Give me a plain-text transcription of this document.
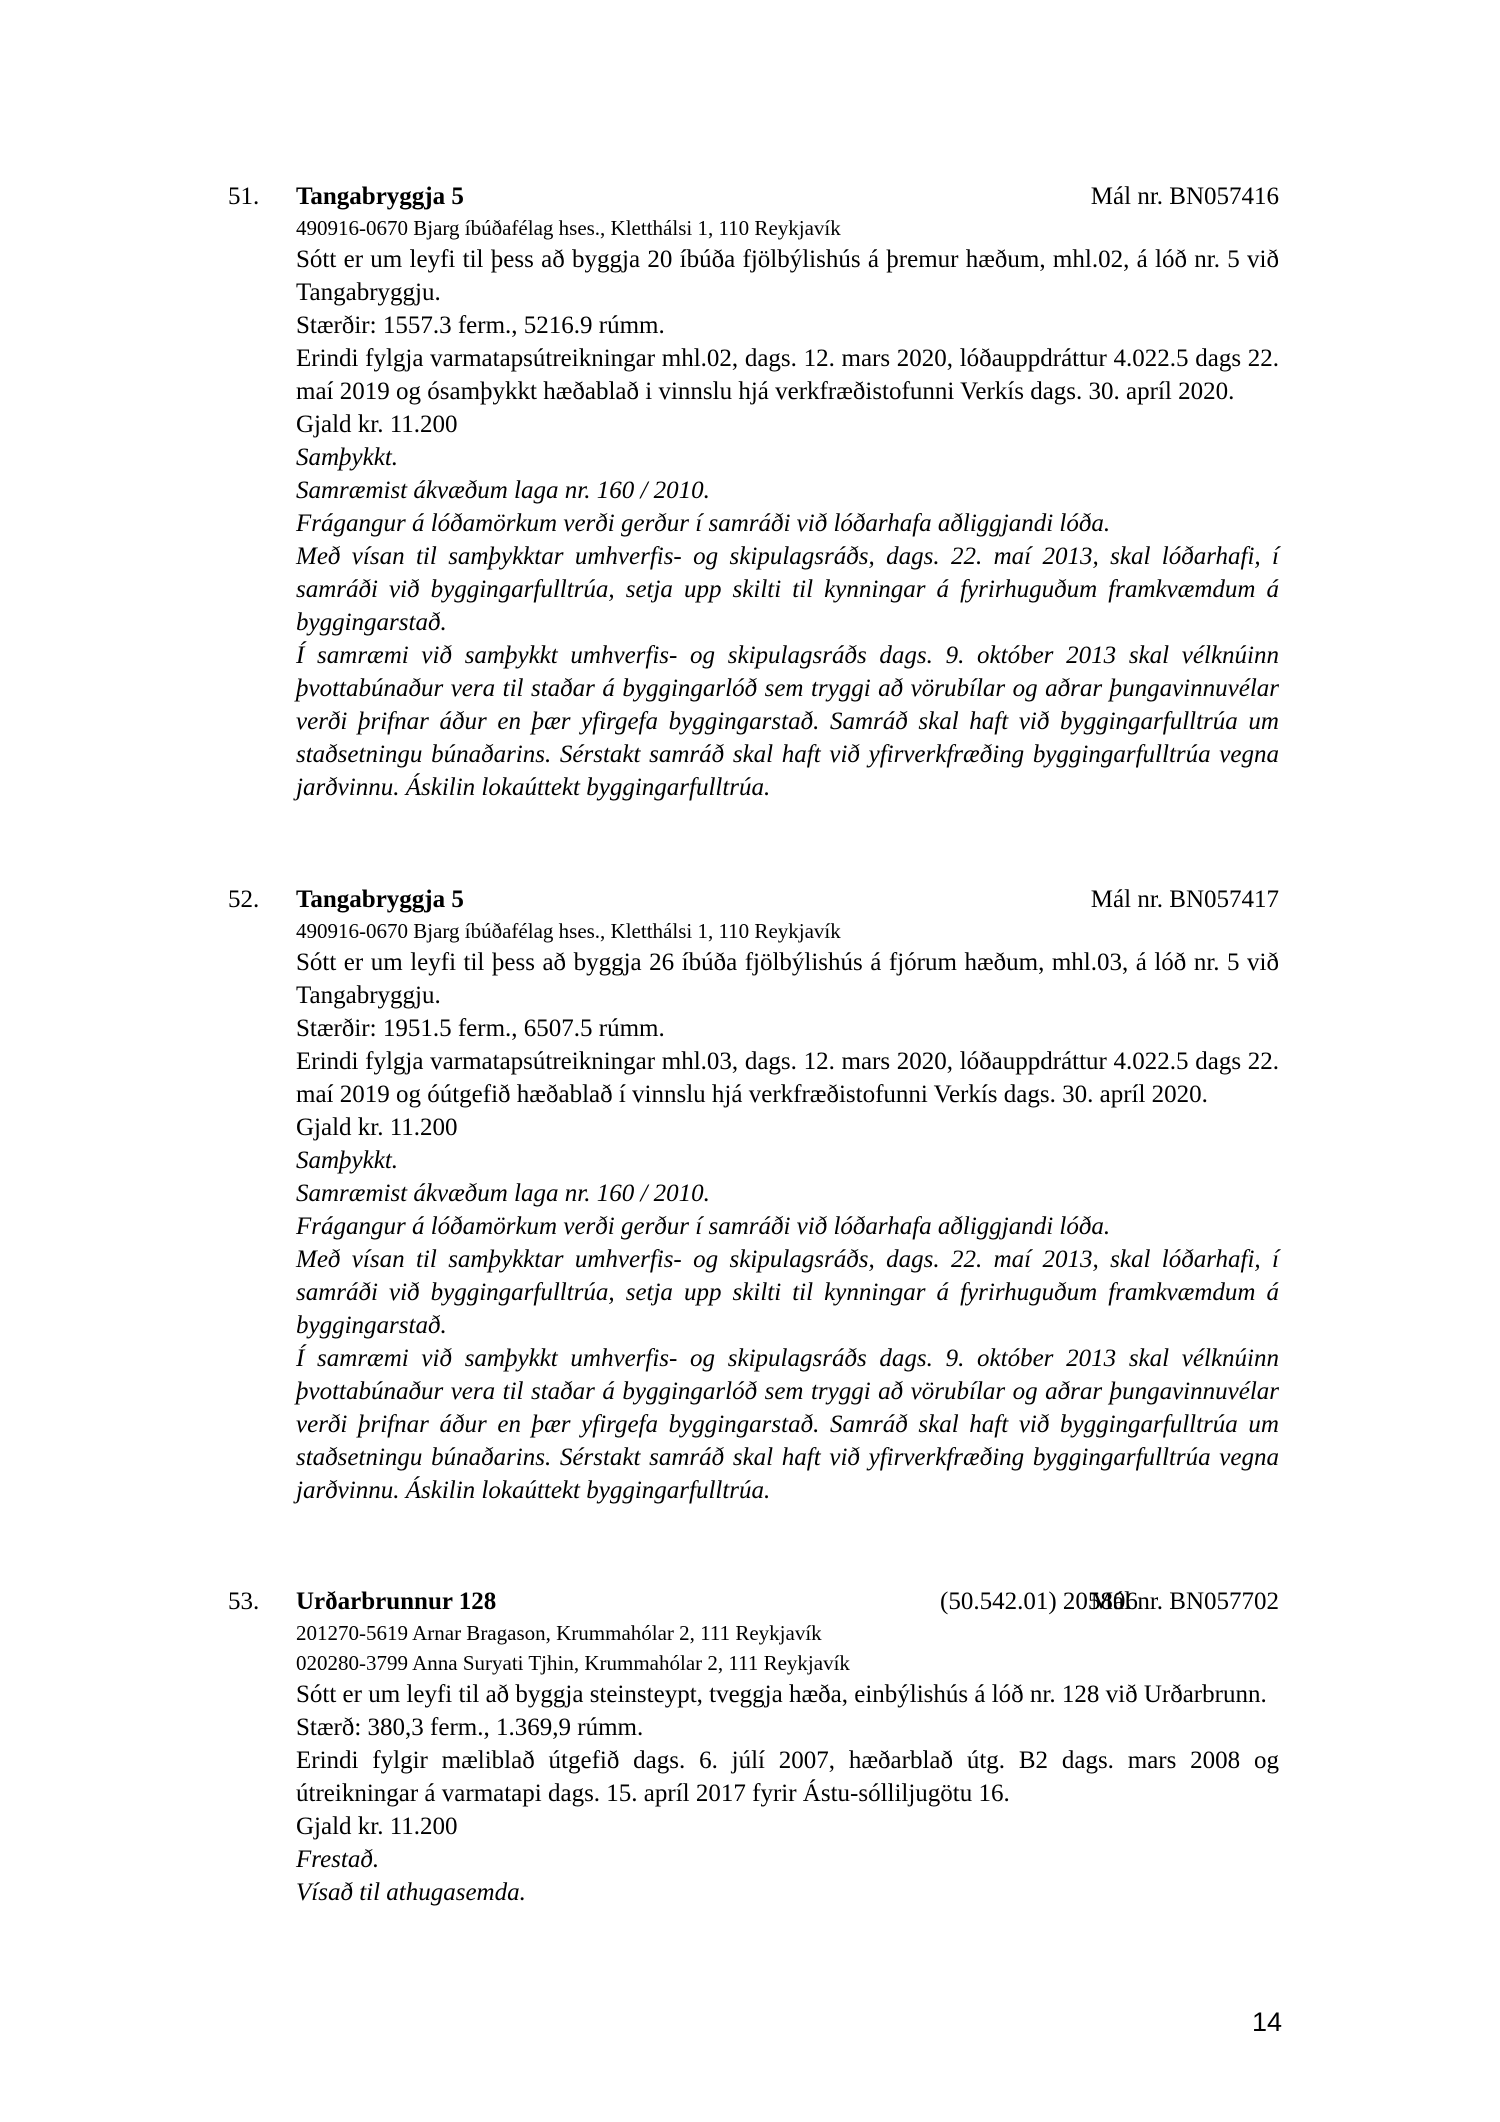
51. Tangabryggja 5	Mál nr. BN057416

490916-0670 Bjarg íbúðafélag hses., Kletthálsi 1, 110 Reykjavík

Sótt er um leyfi til þess að byggja 20 íbúða fjölbýlishús á þremur hæðum, mhl.02, á lóð nr. 5 við Tangabryggju.

Stærðir: 1557.3 ferm., 5216.9 rúmm.

Erindi fylgja varmatapsútreikningar mhl.02, dags. 12. mars 2020, lóðauppdráttur 4.022.5 dags 22. maí 2019 og ósamþykkt hæðablað i vinnslu hjá verkfræðistofunni Verkís dags. 30. apríl 2020.

Gjald kr. 11.200

Samþykkt.

Samræmist ákvæðum laga nr. 160 / 2010.

Frágangur á lóðamörkum verði gerður í samráði við lóðarhafa aðliggjandi lóða.

Með vísan til samþykktar umhverfis- og skipulagsráðs, dags. 22. maí 2013, skal lóðarhafi, í samráði við byggingarfulltrúa, setja upp skilti til kynningar á fyrirhuguðum framkvæmdum á byggingarstað.

Í samræmi við samþykkt umhverfis- og skipulagsráðs dags. 9. október 2013 skal vélknúinn þvottabúnaður vera til staðar á byggingarlóð sem tryggi að vörubílar og aðrar þungavinnuvélar verði þrifnar áður en þær yfirgefa byggingarstað. Samráð skal haft við byggingarfulltrúa um staðsetningu búnaðarins. Sérstakt samráð skal haft við yfirverkfræðing byggingarfulltrúa vegna jarðvinnu. Áskilin lokaúttekt byggingarfulltrúa.

52. Tangabryggja 5	Mál nr. BN057417

490916-0670 Bjarg íbúðafélag hses., Kletthálsi 1, 110 Reykjavík

Sótt er um leyfi til þess að byggja 26 íbúða fjölbýlishús á fjórum hæðum, mhl.03, á lóð nr. 5 við Tangabryggju.

Stærðir: 1951.5 ferm., 6507.5 rúmm.

Erindi fylgja varmatapsútreikningar mhl.03, dags. 12. mars 2020, lóðauppdráttur 4.022.5 dags 22. maí 2019 og óútgefið hæðablað í vinnslu hjá verkfræðistofunni Verkís dags. 30. apríl 2020.

Gjald kr. 11.200

Samþykkt.

Samræmist ákvæðum laga nr. 160 / 2010.

Frágangur á lóðamörkum verði gerður í samráði við lóðarhafa aðliggjandi lóða.

Með vísan til samþykktar umhverfis- og skipulagsráðs, dags. 22. maí 2013, skal lóðarhafi, í samráði við byggingarfulltrúa, setja upp skilti til kynningar á fyrirhuguðum framkvæmdum á byggingarstað.

Í samræmi við samþykkt umhverfis- og skipulagsráðs dags. 9. október 2013 skal vélknúinn þvottabúnaður vera til staðar á byggingarlóð sem tryggi að vörubílar og aðrar þungavinnuvélar verði þrifnar áður en þær yfirgefa byggingarstað. Samráð skal haft við byggingarfulltrúa um staðsetningu búnaðarins. Sérstakt samráð skal haft við yfirverkfræðing byggingarfulltrúa vegna jarðvinnu. Áskilin lokaúttekt byggingarfulltrúa.

53. Urðarbrunnur 128	(50.542.01) 205806
Mál nr. BN057702

201270-5619 Arnar Bragason, Krummahólar 2, 111 Reykjavík

020280-3799 Anna Suryati Tjhin, Krummahólar 2, 111 Reykjavík

Sótt er um leyfi til að byggja steinsteypt, tveggja hæða, einbýlishús á lóð nr. 128 við Urðarbrunn.

Stærð: 380,3 ferm., 1.369,9 rúmm.

Erindi fylgir mæliblað útgefið dags. 6. júlí 2007, hæðarblað útg. B2 dags. mars 2008 og útreikningar á varmatapi dags. 15. apríl 2017 fyrir Ástu-sólliljugötu 16.

Gjald kr. 11.200

Frestað.

Vísað til athugasemda.

14
